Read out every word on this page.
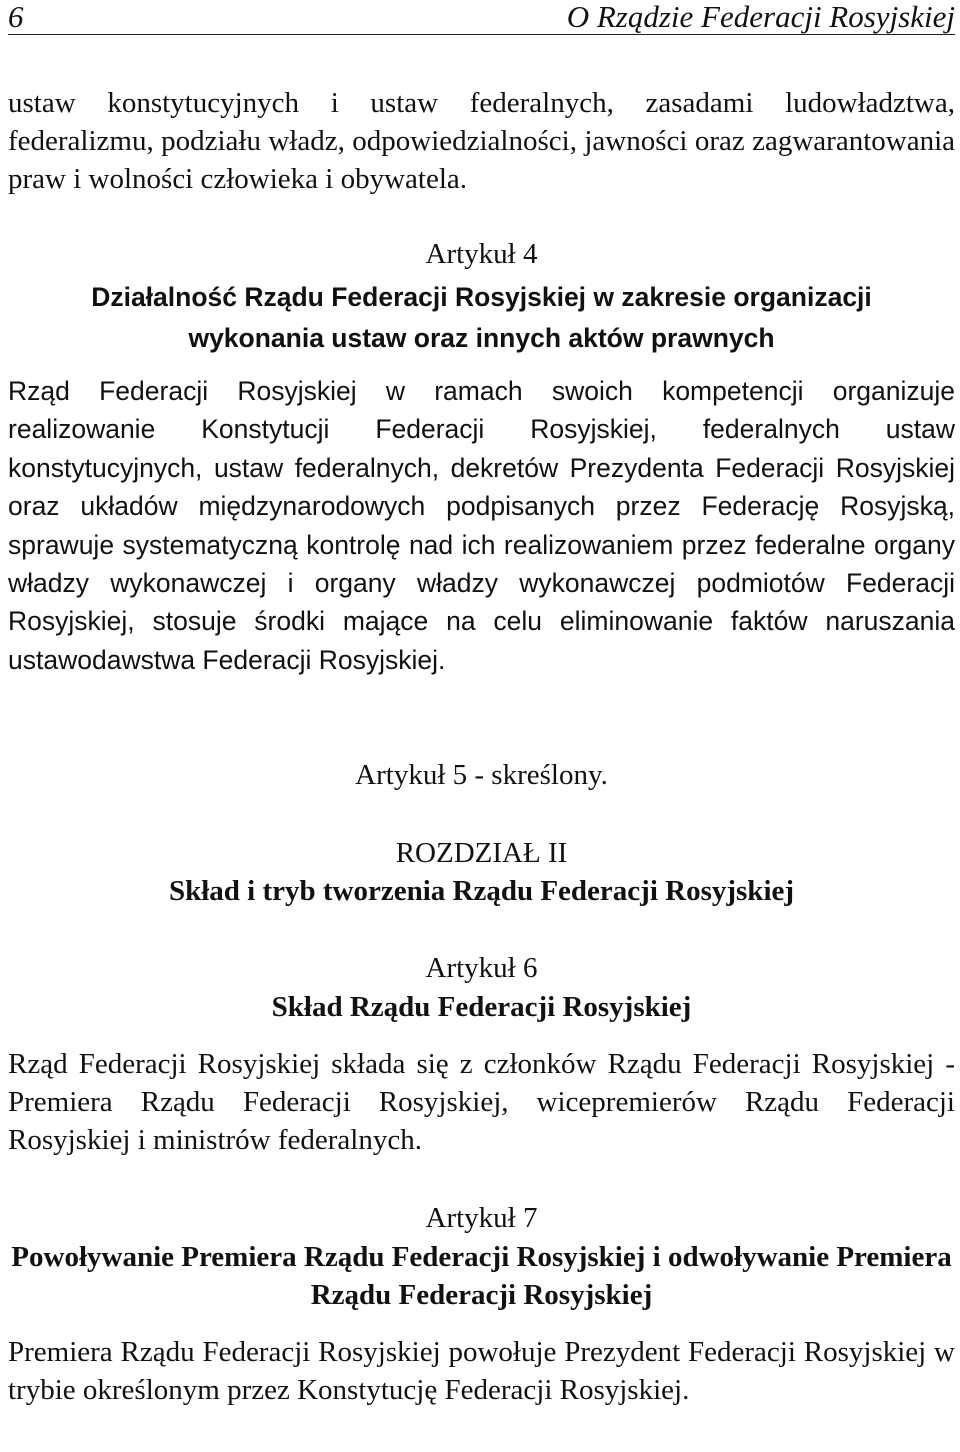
6	O Rządzie Federacji Rosyjskiej

ustaw konstytucyjnych i ustaw federalnych, zasadami ludowładztwa, federalizmu, podziału władz, odpowiedzialności, jawności oraz zagwarantowania praw i wolności człowieka i obywatela.

Artykuł 4

Działalność Rządu Federacji Rosyjskiej w zakresie organizacji wykonania ustaw oraz innych aktów prawnych

Rząd Federacji Rosyjskiej w ramach swoich kompetencji organizuje realizowanie Konstytucji Federacji Rosyjskiej, federalnych ustaw konstytucyjnych, ustaw federalnych, dekretów Prezydenta Federacji Rosyjskiej oraz układów międzynarodowych podpisanych przez Federację Rosyjską, sprawuje systematyczną kontrolę nad ich realizowaniem przez federalne organy władzy wykonawczej i organy władzy wykonawczej podmiotów Federacji Rosyjskiej, stosuje środki mające na celu eliminowanie faktów naruszania ustawodawstwa Federacji Rosyjskiej.

Artykuł 5 - skreślony.

ROZDZIAŁ II

Skład i tryb tworzenia Rządu Federacji Rosyjskiej

Artykuł 6

Skład Rządu Federacji Rosyjskiej

Rząd Federacji Rosyjskiej składa się z członków Rządu Federacji Rosyjskiej - Premiera Rządu Federacji Rosyjskiej, wicepremierów Rządu Federacji Rosyjskiej i ministrów federalnych.

Artykuł 7

Powoływanie Premiera Rządu Federacji Rosyjskiej i odwoływanie Premiera Rządu Federacji Rosyjskiej

Premiera Rządu Federacji Rosyjskiej powołuje Prezydent Federacji Rosyjskiej w trybie określonym przez Konstytucję Federacji Rosyjskiej.
